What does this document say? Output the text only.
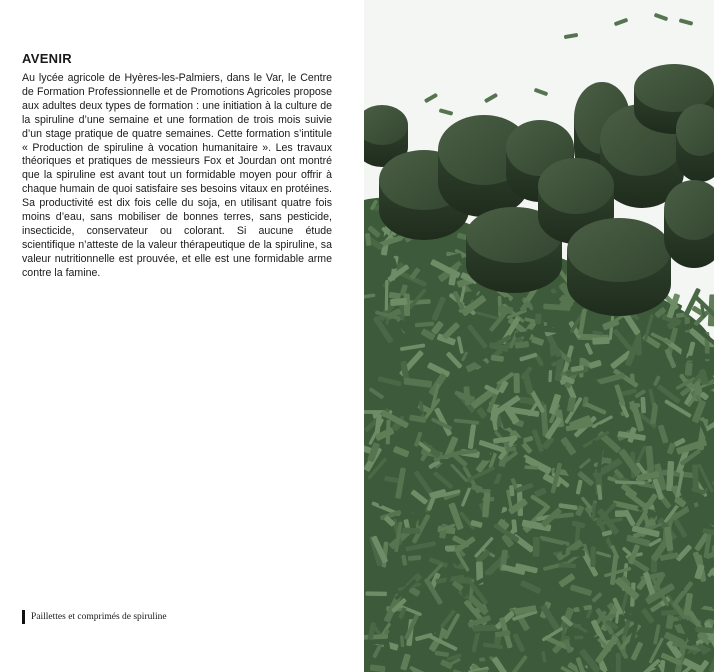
AVENIR

Au lycée agricole de Hyères-les-Palmiers, dans le Var, le Centre de Formation Professionnelle et de Promotions Agricoles propose aux adultes deux types de formation : une initiation à la culture de la spiruline d’une semaine et une formation de trois mois suivie d’un stage pratique de quatre semaines. Cette formation s’intitule « Production de spiruline à vocation humanitaire ». Les travaux théoriques et pratiques de messieurs Fox et Jourdan ont montré que la spiruline est avant tout un formidable moyen pour offrir à chaque humain de quoi satisfaire ses besoins vitaux en protéines. Sa productivité est dix fois celle du soja, en utilisant quatre fois moins d’eau, sans mobiliser de bonnes terres, sans pesticide, insecticide, conservateur ou colorant. Si aucune étude scientifique n’atteste de la valeur thérapeutique de la spiruline, sa valeur nutritionnelle est prouvée, et elle est une formidable arme contre la famine.

Paillettes et comprimés de spiruline
